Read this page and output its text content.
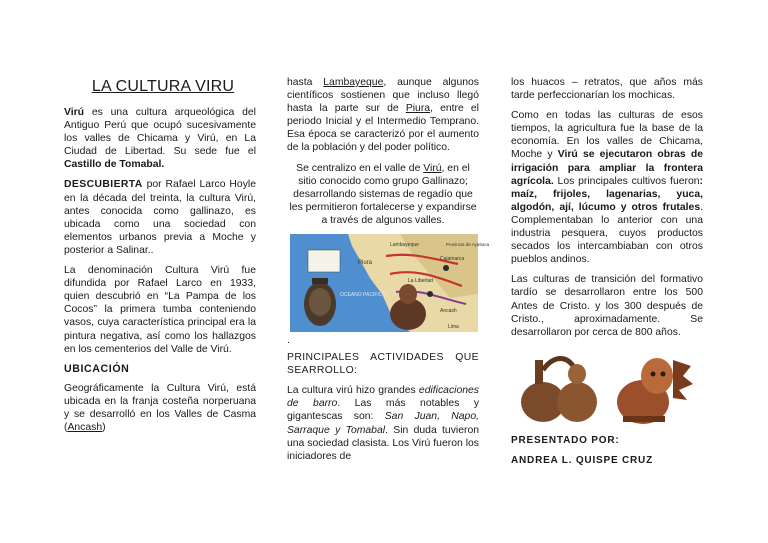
LA CULTURA VIRU

Virú es una cultura arqueológica del Antiguo Perú que ocupó sucesivamente los valles de Chicama y Virú, en La Ciudad de Libertad. Su sede fue el Castillo de Tomabal.

DESCUBIERTA por Rafael Larco Hoyle en la década del treinta, la cultura Virú, antes conocida como gallinazo, es ubicada como una sociedad con elementos urbanos previa a Moche y posterior a Salinar..

La denominación Cultura Virú fue difundida por Rafael Larco en 1933, quien descubrió en “La Pampa de los Cocos” la primera tumba conteniendo vasos, cuya característica principal era la pintura negativa, así como los hallazgos en los cementerios del Valle de Virú.

UBICACIÓN

Geográficamente la Cultura Virú, está ubicada en la franja costeña norperuana y se desarrolló en los Valles de Casma (Ancash)

hasta Lambayeque, aunque algunos científicos sostienen que incluso llegó hasta la parte sur de Piura, entre el periodo Inicial y el Intermedio Temprano. Esa época se caracterizó por el aumento de la población y del poder político.

Se centralizo en el valle de Virú, en el sitio conocido como grupo Gallinazo; desarrollando sistemas de regadío que les permitieron fortalecerse y expandirse a través de algunos valles.

Piura
Lambayeque
La Libertad
Ancash
Provincia de Ayabaca
OCEANO PACIFICO
Cajamarca
Lima

.

PRINCIPALES ACTIVIDADES QUE SEARROLLO:

La cultura virú hizo grandes edificaciones de barro. Las más notables y gigantescas son: San Juan, Napo, Sarraque y Tomabal. Sin duda tuvieron una sociedad clasista. Los Virú fueron los iniciadores de

los huacos – retratos, que años más tarde perfeccionarían los mochicas.

Como en todas las culturas de esos tiempos, la agricultura fue la base de la economía. En los valles de Chicama, Moche y Virú se ejecutaron obras de irrigación para ampliar la frontera agrícola. Los principales cultivos fueron: maíz, frijoles, lagenarias, yuca, algodón, ají, lúcumo y otros frutales. Complementaban lo anterior con una industria pesquera, cuyos productos secados los intercambiaban con otros pueblos andinos.

Las culturas de transición del formativo tardío se desarrollaron entre los 500 Antes de Cristo. y los 300 después de Cristo., aproximadamente. Se desarrollaron por cerca de 800 años.

PRESENTADO POR:

ANDREA L. QUISPE CRUZ
